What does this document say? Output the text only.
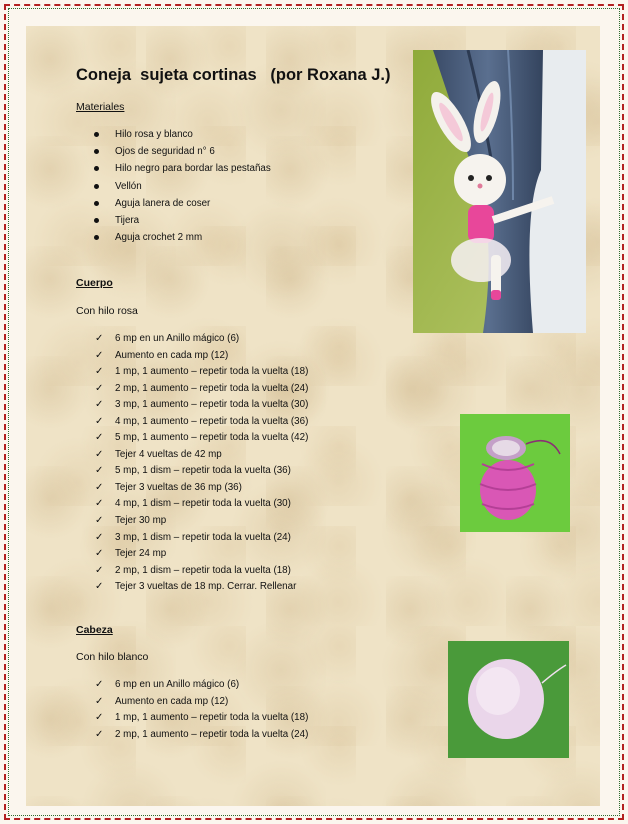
Coneja  sujeta cortinas   (por Roxana J.)
Materiales
Hilo rosa y blanco
Ojos de seguridad n° 6
Hilo negro para bordar las pestañas
Vellón
Aguja lanera de coser
Tijera
Aguja crochet 2 mm
Cuerpo
Con hilo rosa
✓ 6 mp en un Anillo mágico (6)
✓ Aumento en cada mp (12)
✓ 1 mp, 1 aumento – repetir toda la vuelta (18)
✓ 2 mp, 1 aumento – repetir toda la vuelta (24)
✓ 3 mp, 1 aumento – repetir toda la vuelta (30)
✓ 4 mp, 1 aumento – repetir toda la vuelta (36)
✓ 5 mp, 1 aumento – repetir toda la vuelta (42)
✓ Tejer 4 vueltas de 42 mp
✓ 5 mp, 1 dism – repetir toda la vuelta (36)
✓ Tejer 3 vueltas de 36 mp (36)
✓ 4 mp, 1 dism – repetir toda la vuelta (30)
✓ Tejer 30 mp
✓ 3 mp, 1 dism – repetir toda la vuelta (24)
✓ Tejer 24 mp
✓ 2 mp, 1 dism – repetir toda la vuelta (18)
✓ Tejer 3 vueltas de 18 mp. Cerrar. Rellenar
Cabeza
Con hilo blanco
✓ 6 mp en un Anillo mágico (6)
✓ Aumento en cada mp (12)
✓ 1 mp, 1 aumento – repetir toda la vuelta (18)
✓ 2 mp, 1 aumento – repetir toda la vuelta (24)
